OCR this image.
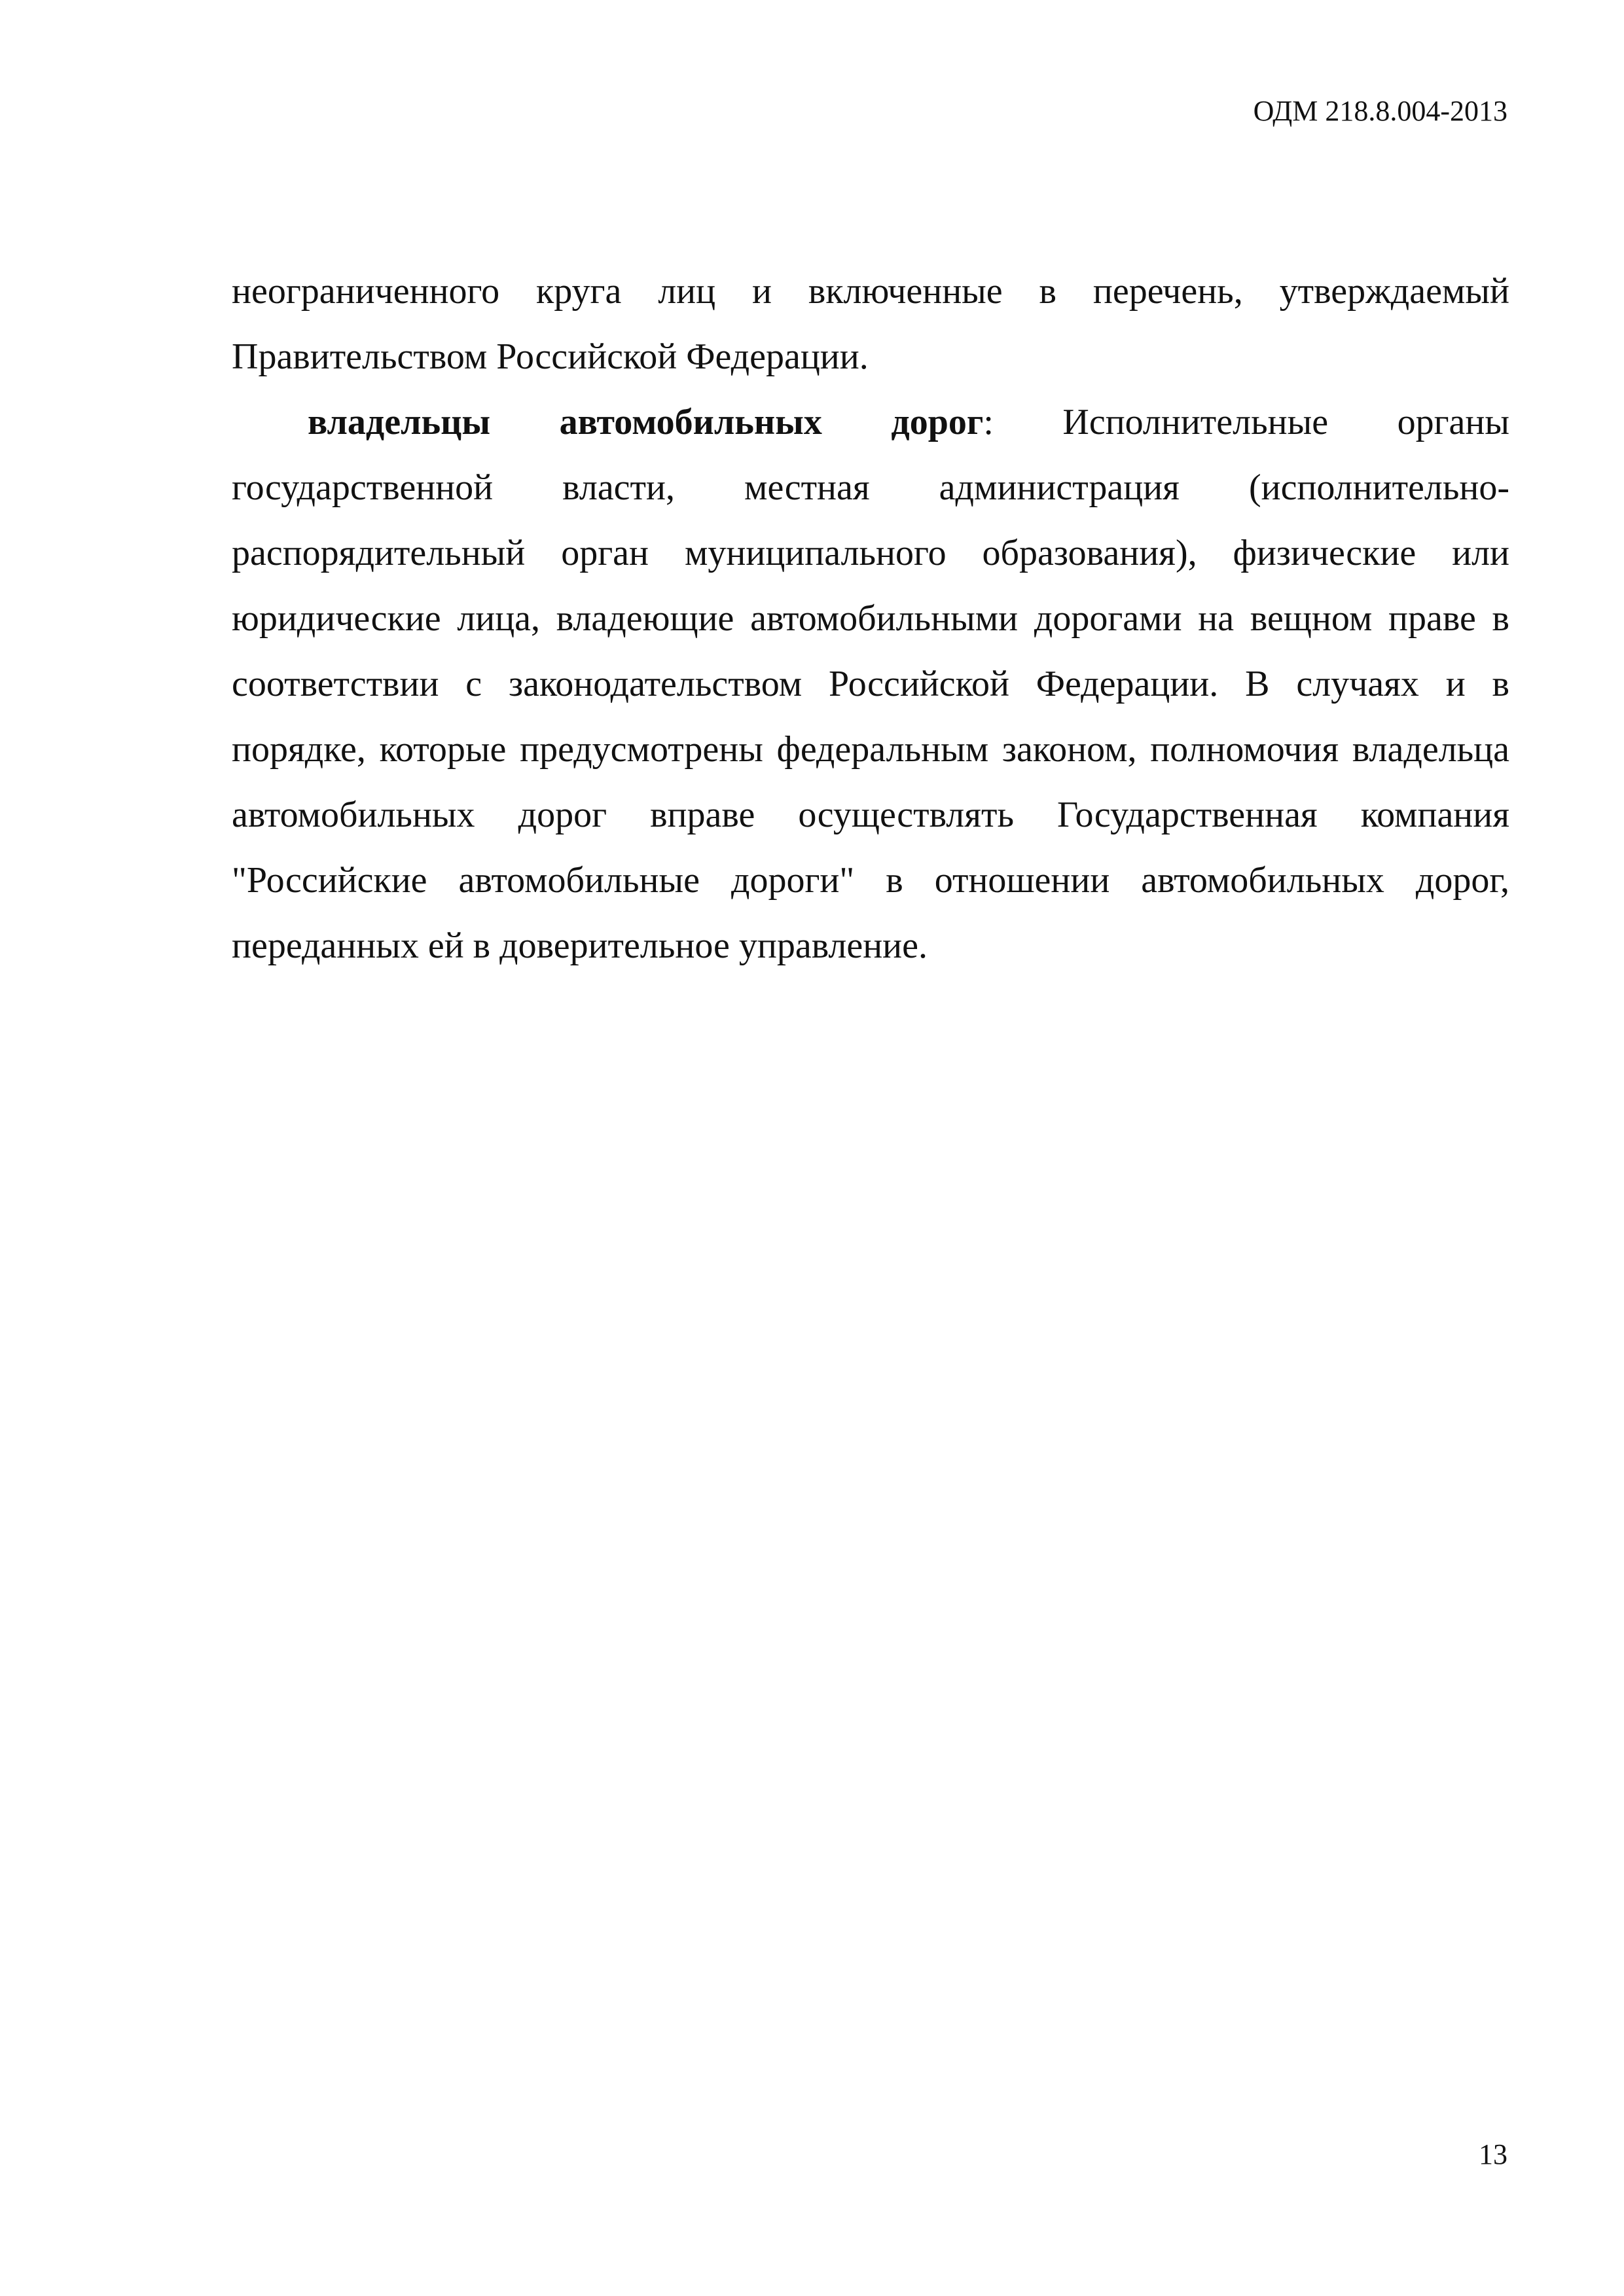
ОДМ 218.8.004-2013

неограниченного круга лиц и включенные в перечень, утверждаемый Правительством Российской Федерации.

владельцы автомобильных дорог: Исполнительные органы государственной власти, местная администрация (исполнительно-распорядительный орган муниципального образования), физические или юридические лица, владеющие автомобильными дорогами на вещном праве в соответствии с законодательством Российской Федерации. В случаях и в порядке, которые предусмотрены федеральным законом, полномочия владельца автомобильных дорог вправе осуществлять Государственная компания "Российские автомобильные дороги" в отношении автомобильных дорог, переданных ей в доверительное управление.

13
